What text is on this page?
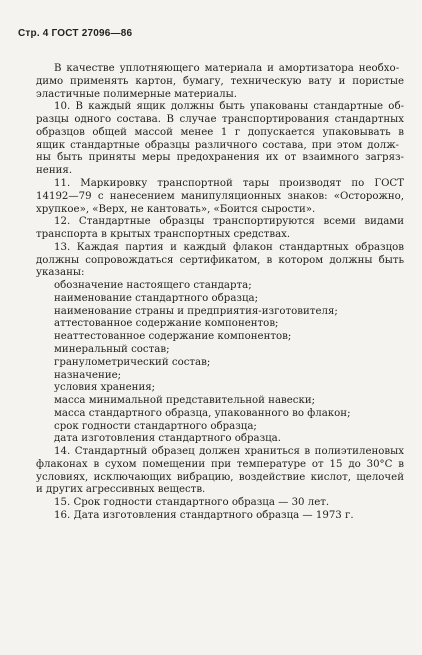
Стр. 4 ГОСТ 27096—86
В качестве уплотняющего материала и амортизатора необхо-
димо применять картон, бумагу, техническую вату и пористые
эластичные полимерные материалы.
10. В каждый ящик должны быть упакованы стандартные об-
разцы одного состава. В случае транспортирования стандартных
образцов общей массой менее 1 г допускается упаковывать в
ящик стандартные образцы различного состава, при этом долж-
ны быть приняты меры предохранения их от взаимного загряз-
нения.
11. Маркировку транспортной тары производят по ГОСТ
14192—79 с нанесением манипуляционных знаков: «Осторожно,
хрупкое», «Верх, не кантовать», «Боится сырости».
12. Стандартные образцы транспортируются всеми видами
транспорта в крытых транспортных средствах.
13. Каждая партия и каждый флакон стандартных образцов
должны сопровождаться сертификатом, в котором должны быть
указаны:
обозначение настоящего стандарта;
наименование стандартного образца;
наименование страны и предприятия-изготовителя;
аттестованное содержание компонентов;
неаттестованное содержание компонентов;
минеральный состав;
гранулометрический состав;
назначение;
условия хранения;
масса минимальной представительной навески;
масса стандартного образца, упакованного во флакон;
срок годности стандартного образца;
дата изготовления стандартного образца.
14. Стандартный образец должен храниться в полиэтиленовых
флаконах в сухом помещении при температуре от 15 до 30°C в
условиях, исключающих вибрацию, воздействие кислот, щелочей
и других агрессивных веществ.
15. Срок годности стандартного образца — 30 лет.
16. Дата изготовления стандартного образца — 1973 г.
